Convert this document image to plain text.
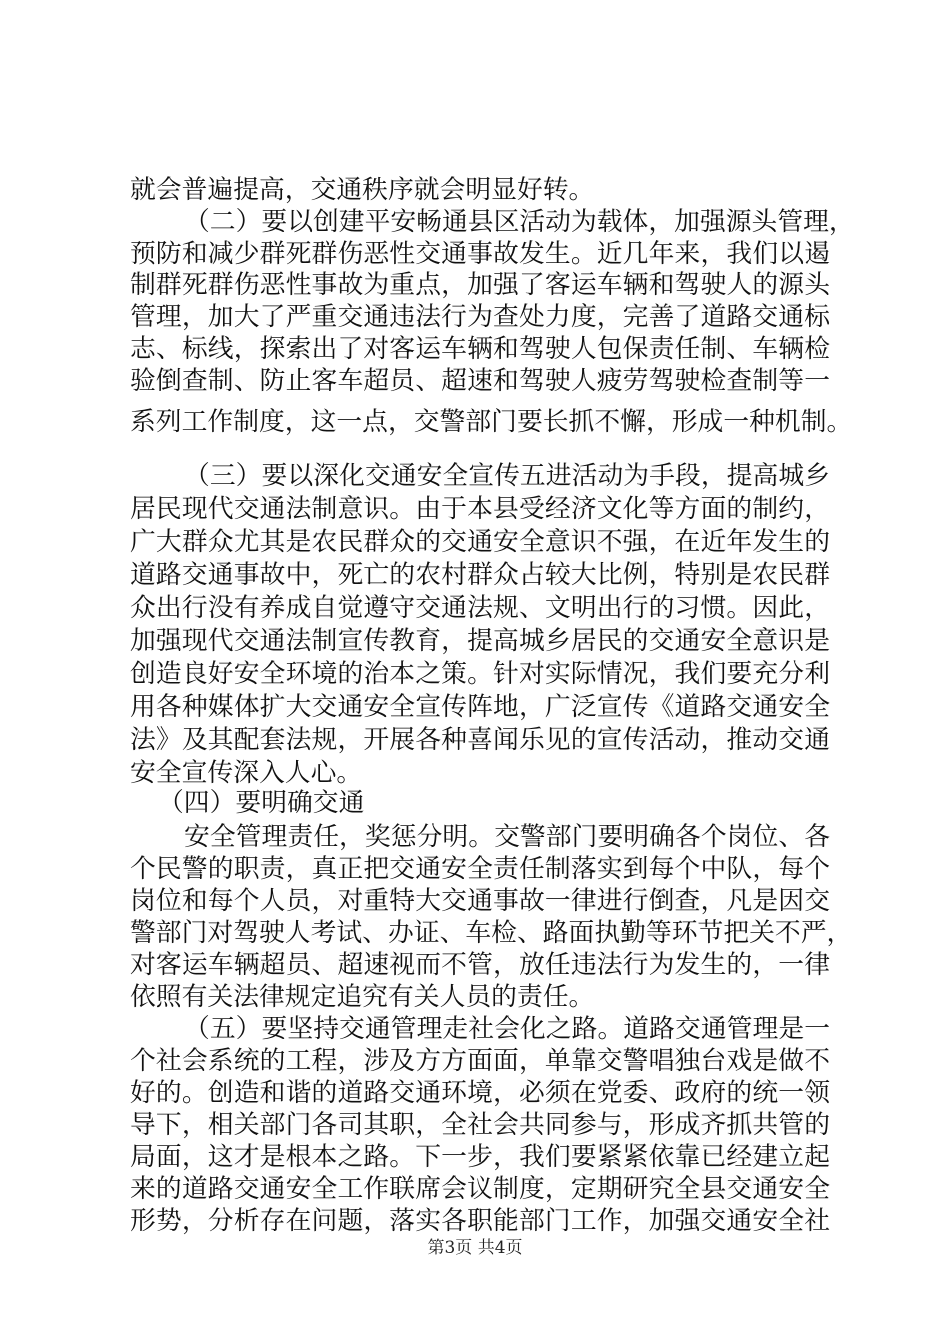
就会普遍提高，交通秩序就会明显好转。
（二）要以创建平安畅通县区活动为载体，加强源头管理，
预防和减少群死群伤恶性交通事故发生。近几年来，我们以遏
制群死群伤恶性事故为重点，加强了客运车辆和驾驶人的源头
管理，加大了严重交通违法行为查处力度，完善了道路交通标
志、标线，探索出了对客运车辆和驾驶人包保责任制、车辆检
验倒查制、防止客车超员、超速和驾驶人疲劳驾驶检查制等一
系列工作制度，这一点，交警部门要长抓不懈，形成一种机制。
（三）要以深化交通安全宣传五进活动为手段，提高城乡
居民现代交通法制意识。由于本县受经济文化等方面的制约，
广大群众尤其是农民群众的交通安全意识不强，在近年发生的
道路交通事故中，死亡的农村群众占较大比例，特别是农民群
众出行没有养成自觉遵守交通法规、文明出行的习惯。因此，
加强现代交通法制宣传教育，提高城乡居民的交通安全意识是
创造良好安全环境的治本之策。针对实际情况，我们要充分利
用各种媒体扩大交通安全宣传阵地，广泛宣传《道路交通安全
法》及其配套法规，开展各种喜闻乐见的宣传活动，推动交通
安全宣传深入人心。
（四）要明确交通
安全管理责任，奖惩分明。交警部门要明确各个岗位、各
个民警的职责，真正把交通安全责任制落实到每个中队，每个
岗位和每个人员，对重特大交通事故一律进行倒查，凡是因交
警部门对驾驶人考试、办证、车检、路面执勤等环节把关不严，
对客运车辆超员、超速视而不管，放任违法行为发生的，一律
依照有关法律规定追究有关人员的责任。
（五）要坚持交通管理走社会化之路。道路交通管理是一
个社会系统的工程，涉及方方面面，单靠交警唱独台戏是做不
好的。创造和谐的道路交通环境，必须在党委、政府的统一领
导下，相关部门各司其职，全社会共同参与，形成齐抓共管的
局面，这才是根本之路。下一步，我们要紧紧依靠已经建立起
来的道路交通安全工作联席会议制度，定期研究全县交通安全
形势，分析存在问题，落实各职能部门工作，加强交通安全社
第3页 共4页
